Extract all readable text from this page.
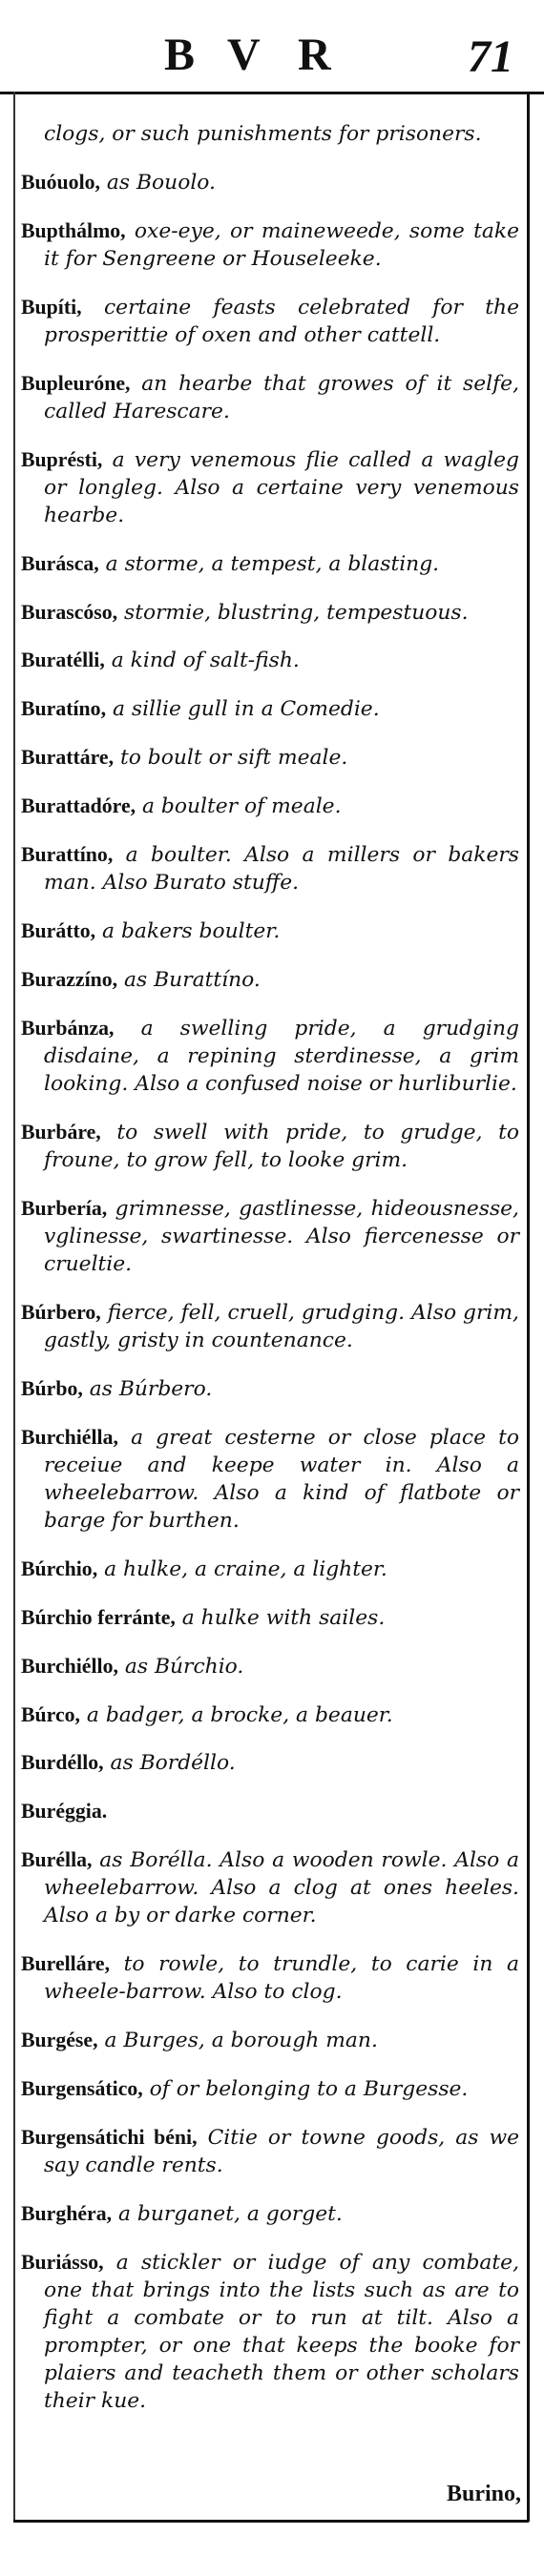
B V R	71

clogs, or such punishments for prisoners.

Buóuolo, as Bouolo.

Bupthálmo, oxe-eye, or maineweede, some take it for Sengreene or Houseleeke.

Bupíti, certaine feasts celebrated for the prosperittie of oxen and other cattell.

Bupleuróne, an hearbe that growes of it selfe, called Harescare.

Buprésti, a very venemous flie called a wagleg or longleg. Also a certaine very venemous hearbe.

Burásca, a storme, a tempest, a blasting.

Burascóso, stormie, blustring, tempestuous.

Buratélli, a kind of salt-fish.

Buratíno, a sillie gull in a Comedie.

Burattáre, to boult or sift meale.

Burattadóre, a boulter of meale.

Burattíno, a boulter. Also a millers or bakers man. Also Burato stuffe.

Burátto, a bakers boulter.

Burazzíno, as Burattíno.

Burbánza, a swelling pride, a grudging disdaine, a repining sterdinesse, a grim looking. Also a confused noise or hurliburlie.

Burbáre, to swell with pride, to grudge, to froune, to grow fell, to looke grim.

Burbería, grimnesse, gastlinesse, hideousnesse, vglinesse, swartinesse. Also fiercenesse or crueltie.

Búrbero, fierce, fell, cruell, grudging. Also grim, gastly, gristy in countenance.

Búrbo, as Búrbero.

Burchiélla, a great cesterne or close place to receiue and keepe water in. Also a wheelebarrow. Also a kind of flatbote or barge for burthen.

Búrchio, a hulke, a craine, a lighter.

Búrchio ferránte, a hulke with sailes.

Burchiéllo, as Búrchio.

Búrco, a badger, a brocke, a beauer.

Burdéllo, as Bordéllo.

Buréggia.

Burélla, as Borélla. Also a wooden rowle. Also a wheelebarrow. Also a clog at ones heeles. Also a by or darke corner.

Burelláre, to rowle, to trundle, to carie in a wheele-barrow. Also to clog.

Burgése, a Burges, a borough man.

Burgensático, of or belonging to a Burgesse.

Burgensátichi béni, Citie or towne goods, as we say candle rents.

Burghéra, a burganet, a gorget.

Buriásso, a stickler or iudge of any combate, one that brings into the lists such as are to fight a combate or to run at tilt. Also a prompter, or one that keeps the booke for plaiers and teacheth them or other scholars their kue.

Burino,
